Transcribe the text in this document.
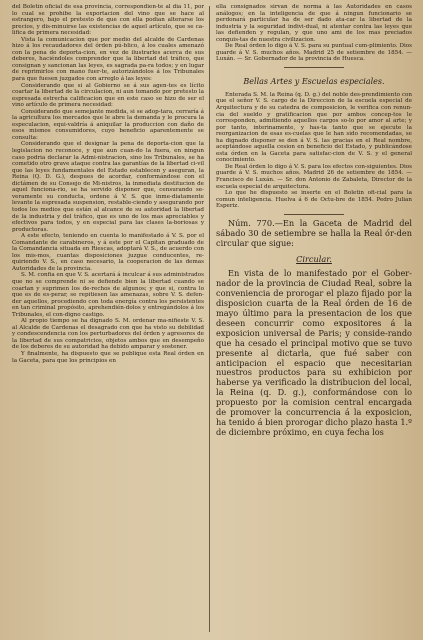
del Boletín oficial de esa provincia, correspondien-te al dia 11, por lo cual se prohibe la exportacion del vino que se hace al estrangero, bajo el pretesto de que con ella podian alterarse los precios, y dis-minuirse las existencias de aquel artículo, que se ca-lifica de primera necesidad:

Vista la comunicacion que por medio del alcalde de Cardenas hizo á los recaudadores del órden pú-blico, á los cuales amenazó con la pena de deporta-cion, en vez de ilustrarles acerca de sus deberes, haciéndoles comprender que la libertad del tráfico, que consignan y sancionan las leyes, es sagrada pa-ra todos; y en lugar de reprimirlos con mano fuer-te, autorizándolos á los Tribunales para que fuesen juzgados con arreglo á las leyes:

Considerando que si al Gobierno se á sus agen-tes es lícito coartar la libertad de la circulacion, ni aun tomando por pretesto la espresada estrecha calificacion que en este caso se hizo de ser el vino artículo de primera necesidad:

Considerando que semejante medida, si se adop-tara, cerraría á la agricultura los mercados que le abre la demanda y le procura la especulacion, equi-valdría á aniquilar la produccion con daño de esos mismos consumidores, cuyo beneficio aparentemente se consulta:

Considerando que el designar la pena de deporta-cion que la legislacion no reconoce, y que aun cuan-do la fuera, en ningun caso podria declarar la Admi-nistracion, sino los Tribunales, se ha cometido otro grave ataque contra las garantías de la libertad ci-vil que las leyes fundamentales del Estado establecen y aseguran, la Reina (Q. D. G.), despues de acordar, conformándose con el dictámen de su Consejo de Mi-nistros, la inmediata destitucion de aquel funciona-rio, se ha servido disponer que, censurando se-veramente su conducta, ordene á V. S. que inme-diatamente levante la espresada suspension, restable-ciendo y asegurando por todos los medios que están al alcance de su autoridad la libertad de la industria y del tráfico, que es uno de los mas apreciables y efectivos para todos, y en especial para las clases la-boriosas y productoras.

A este efecto, teniendo en cuenta lo manifestado á V. S. por el Comandante de carabineros, y á este por el Capitan graduado de la Comandancia situada en Riescas, adoptará V. S., de acuerdo con los mis-mos, cuantas disposiciones juzgue conducentes, re-quiriendo V. S., en caso necesario, la cooperacion de las demas Autoridades de la provincia.

S. M. confia en que V. S. acertará á inculcar á sus administrados que no se comprende ni se defiende bien la libertad cuando se coartan y suprimen los de-rechos de algunos; y que si, contra lo que es de es-perar, se repitiesen las amenazas, sobre V. S. defen-der aquellos, procediendo con toda energía contra los persistentes en tan criminal propósito, aprehendién-dolos y entregándolos á los Tribunales, el con-digno castigo.

Al propio tiempo se ha dignado S. M. ordenar ma-nifieste V. S. al Alcalde de Cardenas el desagrado con que ha visto su debilidad y condescendencia con los perturbadores del órden y agresores de la libertad de sus compatricios, objetos ambos que en desempeño de los deberes de su autoridad ha debido amparar y sostener.

Y finalmente, ha dispuesto que se publique esta Real órden en la Gaceta, para que los principios en

ella consignados sirvan de norma á las Autoridades en casos análogos; en la inteligencia de que á ningun funcionario se perdonará particular ha de ser dado ata-car la libertad de la industria y la seguridad indivi-dual, ni atentar contra las leyes que las defienden y regulan, y que uno ami de los mas preciados conquis-tas de nuestra civilizacion.

De Real órden lo digo á V. S. para su puntual cum-plimiento. Dios guarde á V. S. muchos años. Madrid 25 de setiembre de 1854. — Luxán. — Sr. Gobernador de la provincia de Huesca.

Bellas Artes y Escuelas especiales.

Enterada S. M. la Reina (q. D. g.) del noble des-prendimiento con que el señor V. S. cargo de la Direccion de la escuela especial de Arquitectura y de su catedra de composicion, le verifica con renun-cia del sueldo y gratificacion que por ambos concep-tos le corresponden, admitiendo aquellos cargos so-lo por amor al arte; y por tanto, interinamente, y has-ta tanto que se ejecute la reorganizacion de esas es-cuelas que le han sido recomendadas, se ha dignado disponer se den á V. S. las gracias en el Real nombre, aceptándose aquella cesion en beneficio del Estado, y publicándose esta órden en la Gaceta para satisfac-cion de V. S. y el general conocimiento.

De Real órden lo digo á V. S. para los efectos con-siguientes. Dios guarde á V. S. muchos años. Madrid 26 de setiembre de 1854. — Francisco de Luxán. — Sr. don Antonio de Zabaleta, Director de la escuela especial de arquitectura.

Lo que he dispuesto se inserte en el Boletin ofi-cial para la comun inteligencia. Huelva á 6 de Octu-bre de 1854. Pedro Julian Esperiz.

Núm. 770.—En la Gaceta de Madrid del sábado 30 de setiembre se halla la Real ór-den circular que sigue:

Circular.

En vista de lo manifestado por el Gober-nador de la provincia de Ciudad Real, sobre la conveniencia de prorogar el plazo fijado por la disposicion cuarta de la Real órden de 16 de mayo último para la presentacion de los que deseen concurrir como expositores á la exposicion universal de Paris; y conside-rando que ha cesado el principal motivo que se tuvo presente al dictarla, que fué saber con anticipacion el espacio que necesitarian nuestros productos para su exhibicion por haberse ya verificado la distribucion del local, la Reina (q. D. g.), conformándose con lo propuesto por la comision central encargada de promover la concurrencia á la exposicion, ha tenido á bien prorogar dicho plazo hasta 1.º de diciembre próximo, en cuya fecha los
